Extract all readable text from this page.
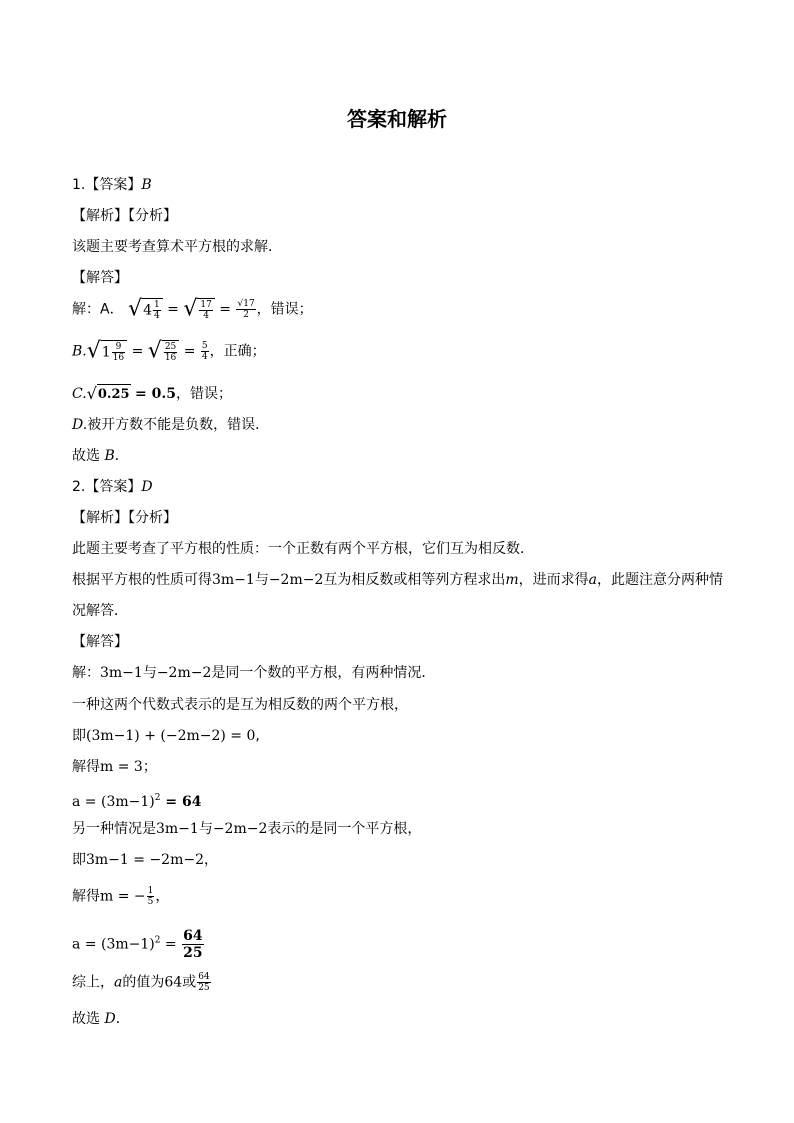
答案和解析
1.【答案】B
【解析】【分析】
该题主要考查算术平方根的求解．
【解答】
解：A． $√4 \frac{1}{4}$ = √ $\frac{17}{4} = \frac{√17}{2}$ ，错误；
$B.√1 \frac{9}{16}$ = √ $\frac{25}{16} = \frac{5}{4}$ ，正确；
C.√0.25 = 0.5，错误；
D.被开方数不能是负数，错误．
故选 B．
2.【答案】D
【解析】【分析】
此题主要考查了平方根的性质：一个正数有两个平方根，它们互为相反数．
根据平方根的性质可得3m−1与−2m−2互为相反数或相等列方程求出m，进而求得a，此题注意分两种情
况解答．
【解答】
解：3m−1与−2m−2是同一个数的平方根，有两种情况．
一种这两个代数式表示的是互为相反数的两个平方根，
即(3m−1) + (−2m−2) = 0,
解得m = 3；
$a = (3m-1)^2 = 64$
另一种情况是3m−1与−2m−2表示的是同一个平方根，
即3m−1 = −2m−2，
解得m = − $\frac{1}{5}$ ，
$a = (3m-1)^2 = \frac{64}{25}$
综上，a的值为64或 $\frac{64}{25}$
故选 D．
